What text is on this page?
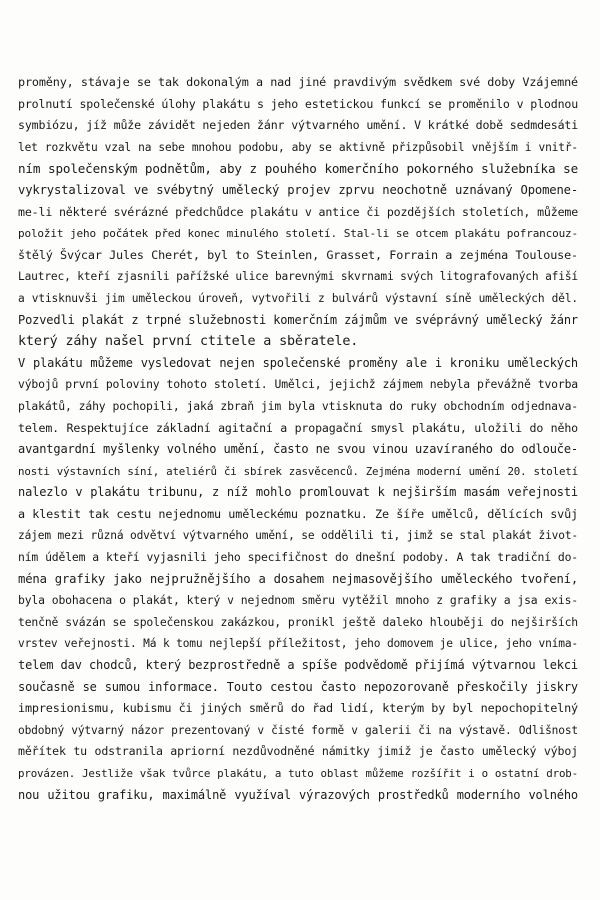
proměny, stávaje se tak dokonalým a nad jiné pravdivým svědkem své doby Vzájemné
prolnutí společenské úlohy plakátu s jeho estetickou funkcí se proměnilo v plodnou
symbiózu, jíž může závidět nejeden žánr výtvarného umění. V krátké době sedmdesáti
let rozkvětu vzal na sebe mnohou podobu, aby se aktivně přizpůsobil vnějším i vnitř-
ním společenským podnětům, aby z pouhého komerčního pokorného služebníka se
vykrystalizoval ve svébytný umělecký projev zprvu neochotně uznávaný Opomene-
me-li některé svérázné předchůdce plakátu v antice či pozdějších stoletích, můžeme
položit jeho počátek před konec minulého století. Stal-li se otcem plakátu pofrancouz-
štělý Švýcar Jules Cherét, byl to Steinlen, Grasset, Forrain a zejména Toulouse-
Lautrec, kteří zjasnili pařížské ulice barevnými skvrnami svých litografovaných afiší
a vtisknuvši jim uměleckou úroveň, vytvořili z bulvárů výstavní síně uměleckých děl.
Pozvedli plakát z trpné služebnosti komerčním zájmům ve svéprávný umělecký žánr
který záhy našel první ctitele a sběratele.
V plakátu můžeme vysledovat nejen společenské proměny ale i kroniku uměleckých
výbojů první poloviny tohoto století. Umělci, jejichž zájmem nebyla převážně tvorba
plakátů, záhy pochopili, jaká zbraň jim byla vtisknuta do ruky obchodním odjednava-
telem. Respektujíce základní agitační a propagační smysl plakátu, uložili do něho
avantgardní myšlenky volného umění, často ne svou vinou uzavíraného do odlouče-
nosti výstavních síní, ateliérů či sbírek zasvěcenců. Zejména moderní umění 20. století
nalezlo v plakátu tribunu, z níž mohlo promlouvat k nejširším masám veřejnosti
a klestit tak cestu nejednomu uměleckému poznatku. Ze šíře umělců, dělících svůj
zájem mezi různá odvětví výtvarného umění, se oddělili ti, jimž se stal plakát život-
ním údělem a kteří vyjasnili jeho specifičnost do dnešní podoby. A tak tradiční do-
ména grafiky jako nejpružnějšího a dosahem nejmasovějšího uměleckého tvoření,
byla obohacena o plakát, který v nejednom směru vytěžil mnoho z grafiky a jsa exis-
tenčně svázán se společenskou zakázkou, pronikl ještě daleko hlouběji do nejširších
vrstev veřejnosti. Má k tomu nejlepší příležitost, jeho domovem je ulice, jeho vníma-
telem dav chodců, který bezprostředně a spíše podvědomě přijímá výtvarnou lekci
současně se sumou informace. Touto cestou často nepozorovaně přeskočily jiskry
impresionismu, kubismu či jiných směrů do řad lidí, kterým by byl nepochopitelný
obdobný výtvarný názor prezentovaný v čisté formě v galerii či na výstavě. Odlišnost
měřítek tu odstranila apriorní nezdůvodněné námitky jimiž je často umělecký výboj
provázen. Jestliže však tvůrce plakátu, a tuto oblast můžeme rozšířit i o ostatní drob-
nou užitou grafiku, maximálně využíval výrazových prostředků moderního volného
